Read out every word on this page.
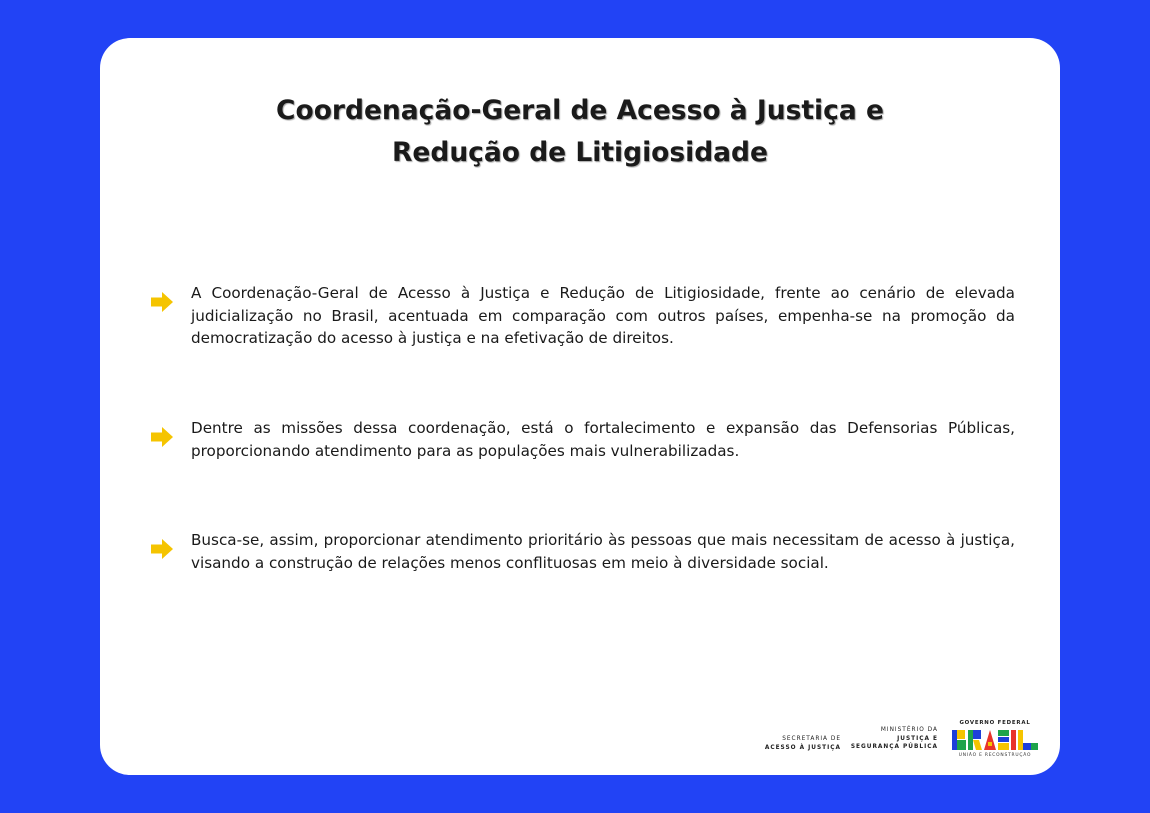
Coordenação-Geral de Acesso à Justiça e
Redução de Litigiosidade

A Coordenação-Geral de Acesso à Justiça e Redução de Litigiosidade, frente ao cenário de elevada judicialização no Brasil, acentuada em comparação com outros países, empenha-se na promoção da democratização do acesso à justiça e na efetivação de direitos.

Dentre as missões dessa coordenação, está o fortalecimento e expansão das Defensorias Públicas, proporcionando atendimento para as populações mais vulnerabilizadas.

Busca-se, assim, proporcionar atendimento prioritário às pessoas que mais necessitam de acesso à justiça, visando a construção de relações menos conflituosas em meio à diversidade social.

SECRETARIA DE
ACESSO À JUSTIÇA
MINISTÉRIO DA
JUSTIÇA E
SEGURANÇA PÚBLICA
GOVERNO FEDERAL
UNIÃO E RECONSTRUÇÃO
